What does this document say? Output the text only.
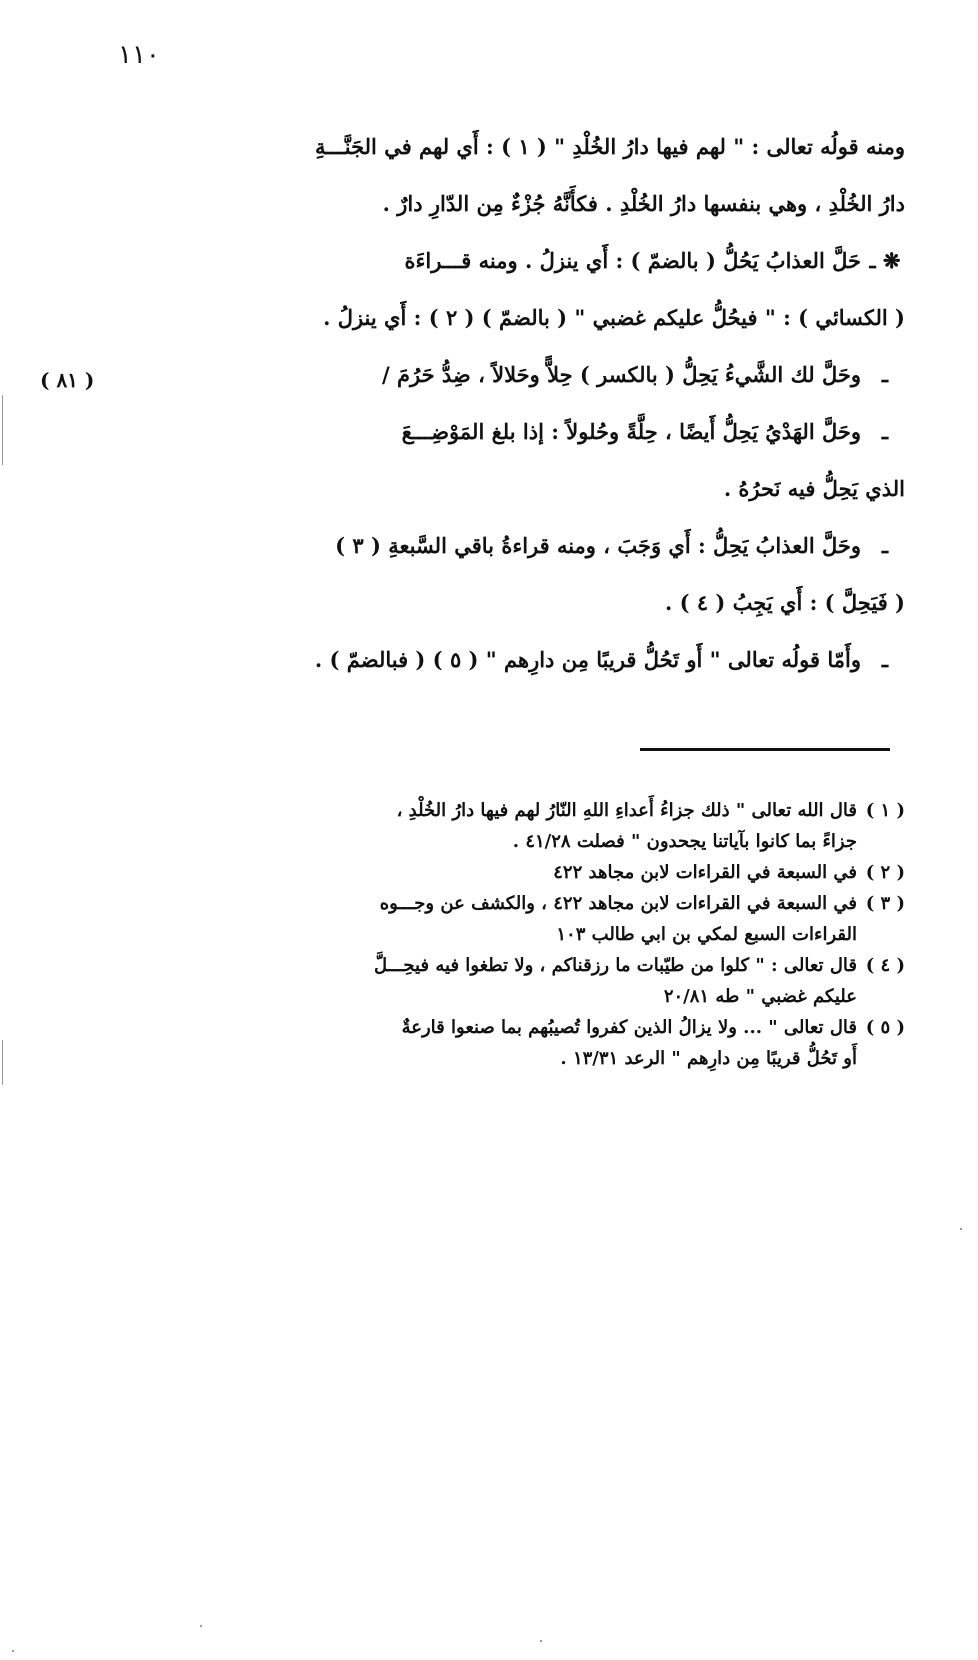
١١٠
( ٨١ )

ومنه قولُه تعالى : " لهم فيها دارُ الخُلْدِ " ( ١ ) : أَي لهم في الجَنَّـــةِ

دارُ الخُلْدِ ، وهي بنفسها دارُ الخُلْدِ . فكأَنَّهُ جُزْءٌ مِن الدّارِ دارٌ .

❋ ـحَلَّ العذابُ يَحُلُّ ( بالضمّ ) : أَي ينزلُ . ومنه قـــراءَة

( الكسائي ) : " فيحُلُّ عليكم غضبي " ( بالضمّ ) ( ٢ ) : أَي ينزلُ .

ـوحَلَّ لك الشَّيءُ يَحِلُّ ( بالكسر ) حِلاًّ وحَلالاً ، ضِدُّ حَرُمَ /

ـوحَلَّ الهَدْيُ يَحِلُّ أَيضًا ، حِلَّةً وحُلولاً : إذا بلغ المَوْضِـــعَ

الذي يَحِلُّ فيه نَحرُهُ .

ـوحَلَّ العذابُ يَحِلُّ : أَي وَجَبَ ، ومنه قراءةُ باقي السَّبعةِ ( ٣ )

( فَيَحِلَّ ) : أَي يَجِبُ ( ٤ ) .

ـوأَمّا قولُه تعالى " أَو تَحُلُّ قريبًا مِن دارِهم " ( ٥ ) ( فبالضمّ ) .

( ١ )
قال الله تعالى " ذلك جزاءُ أَعداءِ اللهِ النّارُ لهم فيها دارُ الخُلْدِ ،
جزاءً بما كانوا بآياتنا يجحدون " فصلت ٤١/٢٨ .
( ٢ )
في السبعة في القراءات لابن مجاهد ٤٢٢
( ٣ )
في السبعة في القراءات لابن مجاهد ٤٢٢ ، والكشف عن وجـــوه
القراءات السبع لمكي بن ابي طالب ١٠٣
( ٤ )
قال تعالى : " كلوا من طيّبات ما رزقناكم ، ولا تطغوا فيه فيحِـــلَّ
عليكم غضبي " طه ٢٠/٨١
( ٥ )
قال تعالى " ... ولا يزالُ الذين كفروا تُصيبُهم بما صنعوا قارعةٌ
أَو تَحُلُّ قريبًا مِن دارِهم " الرعد ١٣/٣١ .
